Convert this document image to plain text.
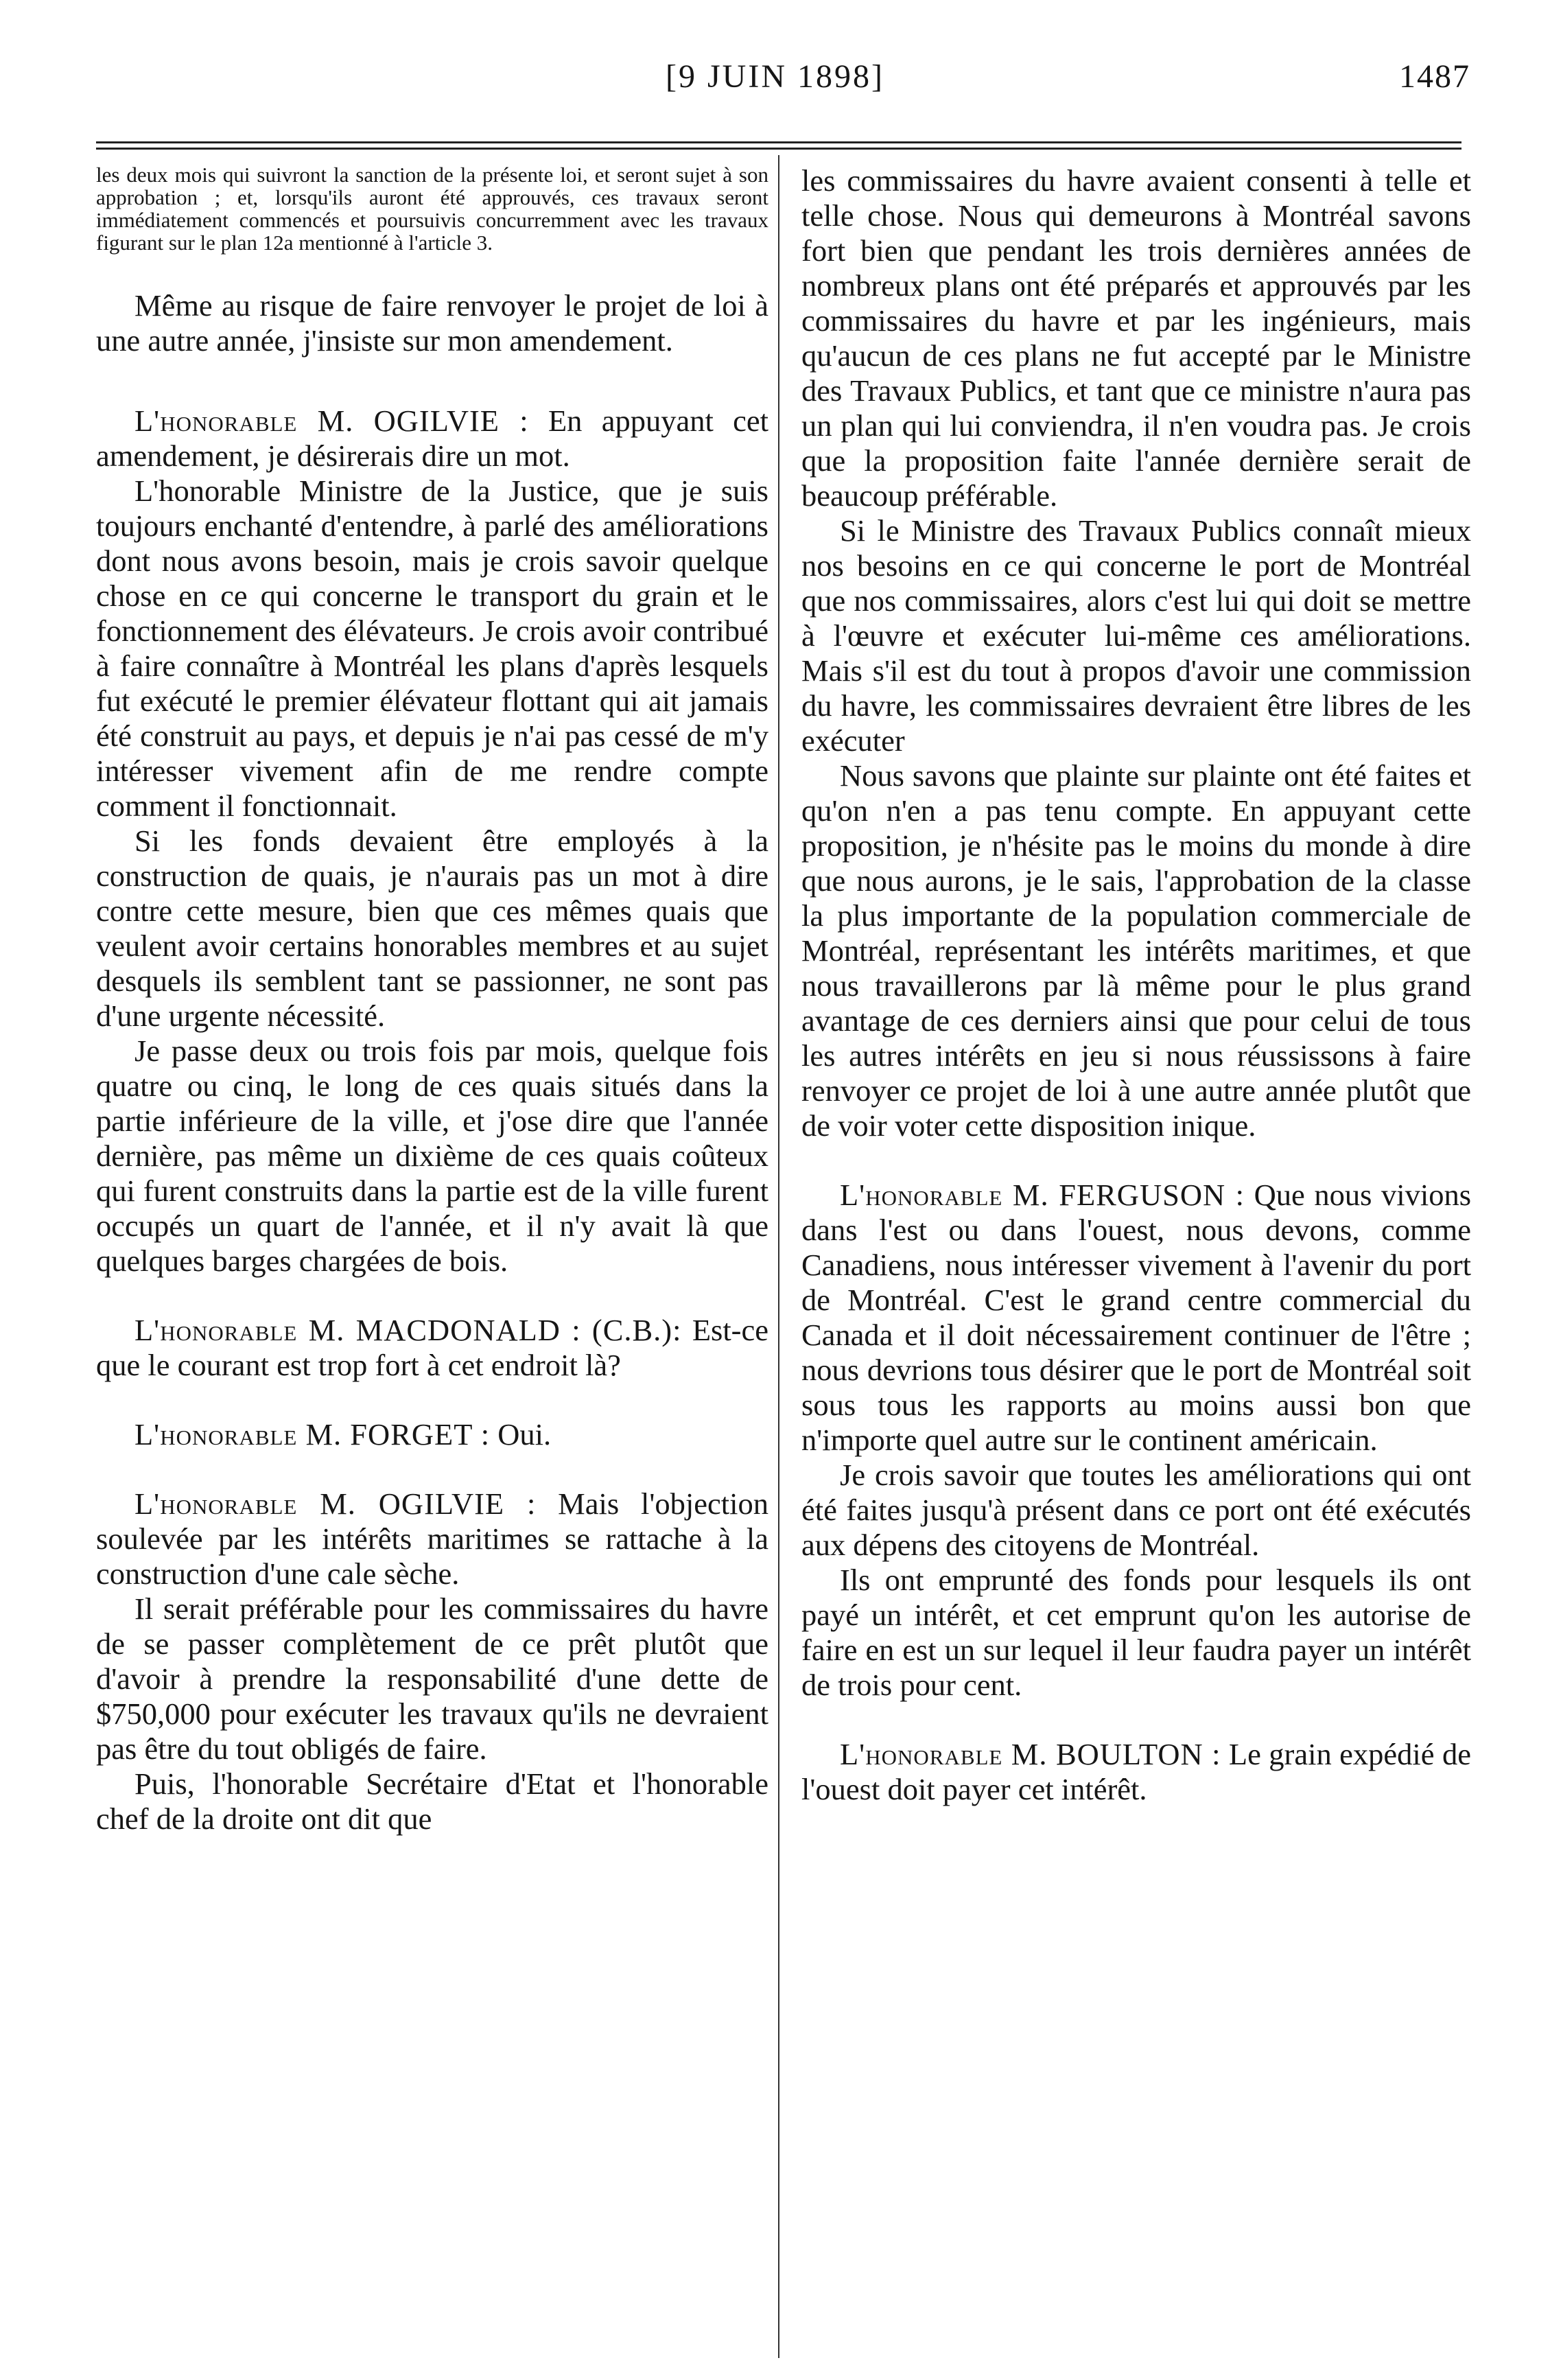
[9 JUIN 1898]	1487

les deux mois qui suivront la sanction de la présente loi, et seront sujet à son approbation ; et, lorsqu'ils auront été approuvés, ces travaux seront immédiatement commencés et poursuivis concurremment avec les travaux figurant sur le plan 12a mentionné à l'article 3.

Même au risque de faire renvoyer le projet de loi à une autre année, j'insiste sur mon amendement.

L'honorable M. OGILVIE : En appuyant cet amendement, je désirerais dire un mot.

L'honorable Ministre de la Justice, que je suis toujours enchanté d'entendre, à parlé des améliorations dont nous avons besoin, mais je crois savoir quelque chose en ce qui concerne le transport du grain et le fonctionnement des élévateurs. Je crois avoir contribué à faire connaître à Montréal les plans d'après lesquels fut exécuté le premier élévateur flottant qui ait jamais été construit au pays, et depuis je n'ai pas cessé de m'y intéresser vivement afin de me rendre compte comment il fonctionnait.

Si les fonds devaient être employés à la construction de quais, je n'aurais pas un mot à dire contre cette mesure, bien que ces mêmes quais que veulent avoir certains honorables membres et au sujet desquels ils semblent tant se passionner, ne sont pas d'une urgente nécessité.

Je passe deux ou trois fois par mois, quelque fois quatre ou cinq, le long de ces quais situés dans la partie inférieure de la ville, et j'ose dire que l'année dernière, pas même un dixième de ces quais coûteux qui furent construits dans la partie est de la ville furent occupés un quart de l'année, et il n'y avait là que quelques barges chargées de bois.

L'honorable M. MACDONALD : (C.B.): Est-ce que le courant est trop fort à cet endroit là?

L'honorable M. FORGET : Oui.

L'honorable M. OGILVIE : Mais l'objection soulevée par les intérêts maritimes se rattache à la construction d'une cale sèche.

Il serait préférable pour les commissaires du havre de se passer complètement de ce prêt plutôt que d'avoir à prendre la responsabilité d'une dette de $750,000 pour exécuter les travaux qu'ils ne devraient pas être du tout obligés de faire.

Puis, l'honorable Secrétaire d'Etat et l'honorable chef de la droite ont dit que

les commissaires du havre avaient consenti à telle et telle chose. Nous qui demeurons à Montréal savons fort bien que pendant les trois dernières années de nombreux plans ont été préparés et approuvés par les commissaires du havre et par les ingénieurs, mais qu'aucun de ces plans ne fut accepté par le Ministre des Travaux Publics, et tant que ce ministre n'aura pas un plan qui lui conviendra, il n'en voudra pas. Je crois que la proposition faite l'année dernière serait de beaucoup préférable.

Si le Ministre des Travaux Publics connaît mieux nos besoins en ce qui concerne le port de Montréal que nos commissaires, alors c'est lui qui doit se mettre à l'œuvre et exécuter lui-même ces améliorations. Mais s'il est du tout à propos d'avoir une commission du havre, les commissaires devraient être libres de les exécuter

Nous savons que plainte sur plainte ont été faites et qu'on n'en a pas tenu compte. En appuyant cette proposition, je n'hésite pas le moins du monde à dire que nous aurons, je le sais, l'approbation de la classe la plus importante de la population commerciale de Montréal, représentant les intérêts maritimes, et que nous travaillerons par là même pour le plus grand avantage de ces derniers ainsi que pour celui de tous les autres intérêts en jeu si nous réussissons à faire renvoyer ce projet de loi à une autre année plutôt que de voir voter cette disposition inique.

L'honorable M. FERGUSON : Que nous vivions dans l'est ou dans l'ouest, nous devons, comme Canadiens, nous intéresser vivement à l'avenir du port de Montréal. C'est le grand centre commercial du Canada et il doit nécessairement continuer de l'être ; nous devrions tous désirer que le port de Montréal soit sous tous les rapports au moins aussi bon que n'importe quel autre sur le continent américain.

Je crois savoir que toutes les améliorations qui ont été faites jusqu'à présent dans ce port ont été exécutés aux dépens des citoyens de Montréal.

Ils ont emprunté des fonds pour lesquels ils ont payé un intérêt, et cet emprunt qu'on les autorise de faire en est un sur lequel il leur faudra payer un intérêt de trois pour cent.

L'honorable M. BOULTON : Le grain expédié de l'ouest doit payer cet intérêt.
